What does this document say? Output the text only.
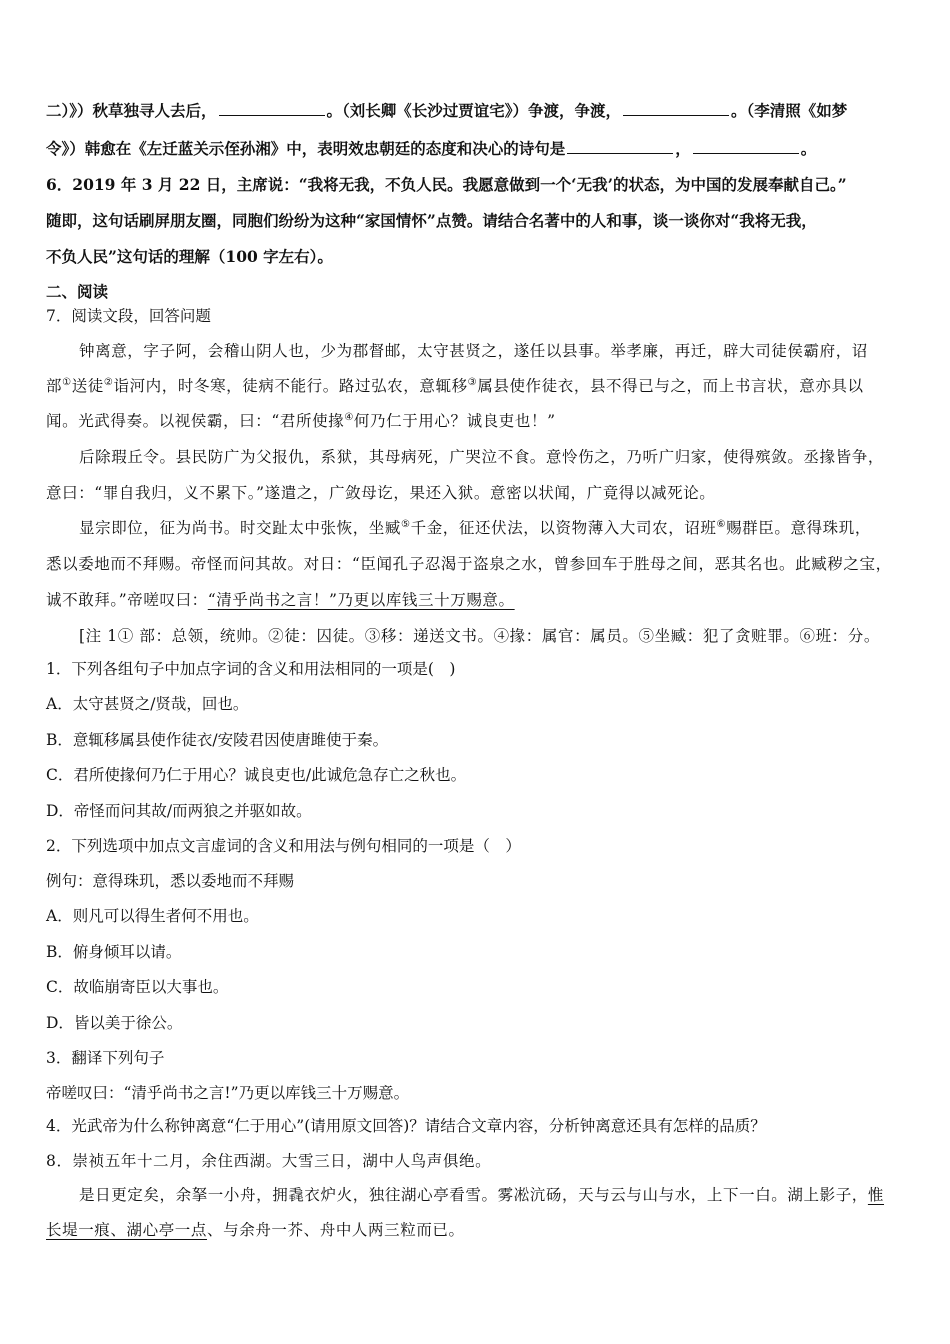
二）》）秋草独寻人去后，	。（刘长卿《长沙过贾谊宅》）争渡，争渡，	。（李清照《如梦
令》）韩愈在《左迁蓝关示侄孙湘》中，表明效忠朝廷的态度和决心的诗句是	，	。
6．2019 年 3 月 22 日，主席说：“我将无我，不负人民。我愿意做到一个‘无我’的状态，为中国的发展奉献自己。”
随即，这句话刷屏朋友圈，同胞们纷纷为这种“家国情怀”点赞。请结合名著中的人和事，谈一谈你对“我将无我，
不负人民”这句话的理解（100 字左右）。
二、阅读
7．阅读文段，回答问题
钟离意，字子阿，会稽山阴人也，少为郡督邮，太守甚贤之，遂任以县事。举孝廉，再迁，辟大司徒侯霸府，诏
部①送徒②诣河内，时冬寒，徒病不能行。路过弘农，意辄移③属县使作徒衣，县不得已与之，而上书言状，意亦具以
闻。光武得奏。以视侯霸，曰：“君所使掾④何乃仁于用心？诚良吏也！”
后除瑕丘令。县民防广为父报仇，系狱，其母病死，广哭泣不食。意怜伤之，乃听广归家，使得殡敛。丞掾皆争，
意曰：“罪自我归，义不累下。”遂遣之，广敛母讫，果还入狱。意密以状闻，广竟得以减死论。
显宗即位，征为尚书。时交趾太中张恢，坐臧⑤千金，征还伏法，以资物薄入大司农，诏班⑥赐群臣。意得珠玑，
悉以委地而不拜赐。帝怪而问其故。对日：“臣闻孔子忍渴于盗泉之水，曾参回车于胜母之间，恶其名也。此臧秽之宝，
诚不敢拜。”帝嗟叹曰：“清乎尚书之言！”乃更以库钱三十万赐意。
[注 1① 部：总领，统帅。②徒：囚徒。③移：递送文书。④掾：属官：属员。⑤坐臧：犯了贪赃罪。⑥班：分。
1．下列各组句子中加点字词的含义和用法相同的一项是(　)
A．太守甚贤之/贤哉，回也。
B．意辄移属县使作徒衣/安陵君因使唐雎使于秦。
C．君所使掾何乃仁于用心？诚良吏也/此诚危急存亡之秋也。
D．帝怪而问其故/而两狼之并驱如故。
2．下列选项中加点文言虚词的含义和用法与例句相同的一项是（　）
例句：意得珠玑，悉以委地而不拜赐
A．则凡可以得生者何不用也。
B．俯身倾耳以请。
C．故临崩寄臣以大事也。
D．皆以美于徐公。
3．翻译下列句子
帝嗟叹曰：“清乎尚书之言!”乃更以库钱三十万赐意。
4．光武帝为什么称钟离意“仁于用心”(请用原文回答)？请结合文章内容，分析钟离意还具有怎样的品质？
8．崇祯五年十二月，余住西湖。大雪三日，湖中人鸟声俱绝。
是日更定矣，余拏一小舟，拥毳衣炉火，独往湖心亭看雪。雾凇沆砀，天与云与山与水，上下一白。湖上影子，惟
长堤一痕、湖心亭一点、与余舟一芥、舟中人两三粒而已。
